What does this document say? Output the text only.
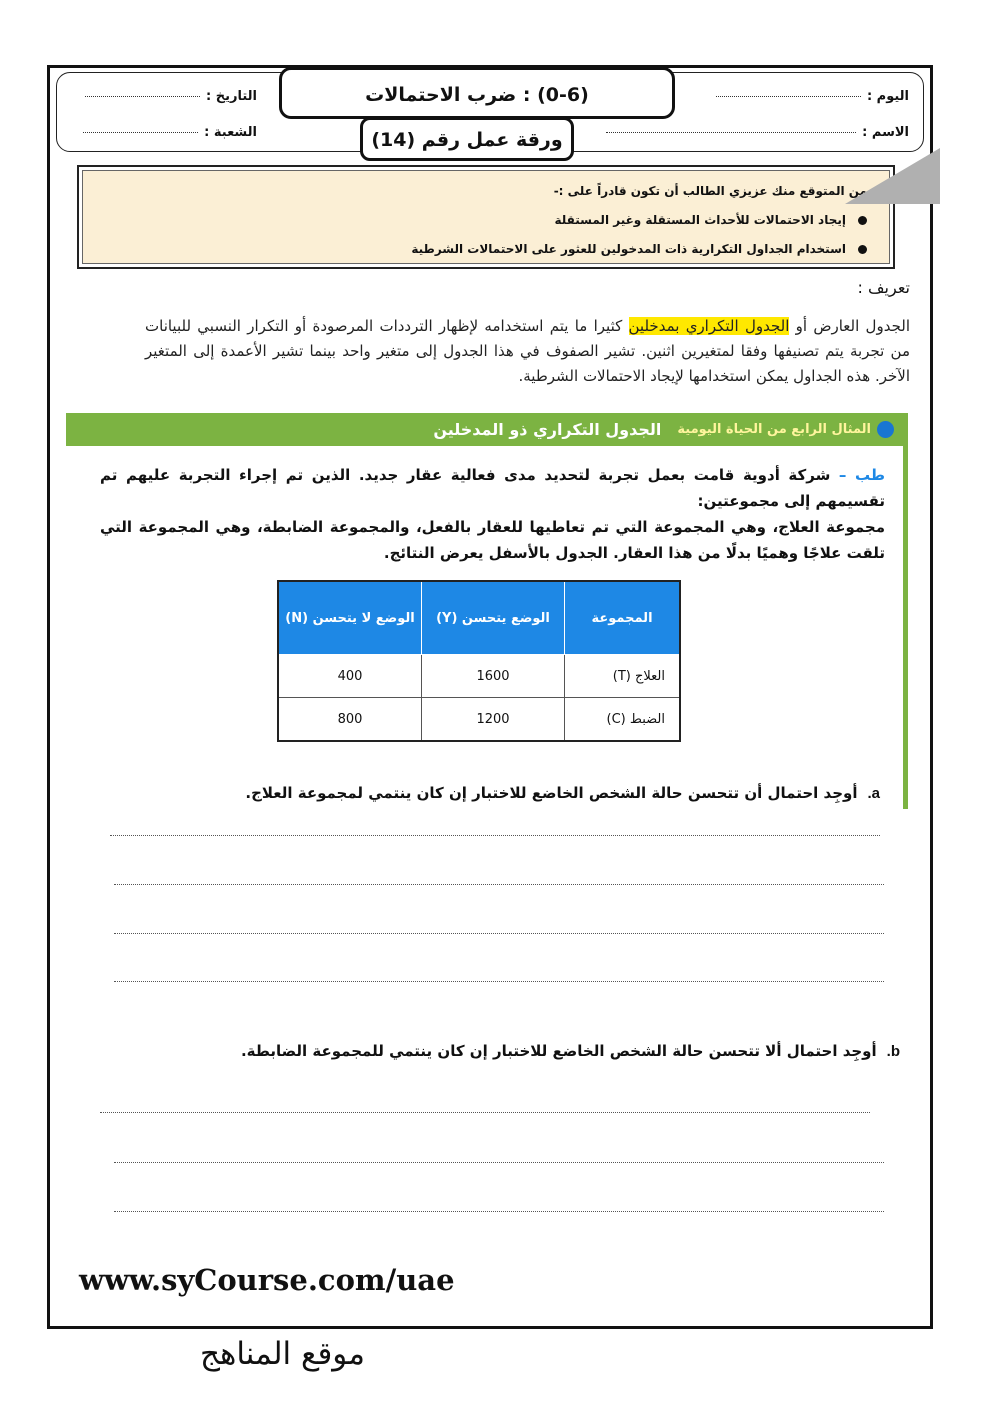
اليوم :
الاسم :
التاريخ :
الشعبة :
(0-6) : ضرب الاحتمالات
ورقة عمل رقم (14)
من المتوقع منك عزيزي الطالب أن تكون قادراً على :-
إيجاد الاحتمالات للأحداث المستقلة وغير المستقلة
استخدام الجداول التكرارية ذات المدخولين للعثور على الاحتمالات الشرطية
تعريف :
الجدول العارض أو الجدول التكراري بمدخلين كثيرا ما يتم استخدامه لإظهار الترددات المرصودة أو التكرار النسبي للبيانات من تجربة يتم تصنيفها وفقا لمتغيرين اثنين. تشير الصفوف في هذا الجدول إلى متغير واحد بينما تشير الأعمدة إلى المتغير الآخر. هذه الجداول يمكن استخدامها لإيجاد الاحتمالات الشرطية.
المثال الرابع من الحياة اليوميةالجدول التكراري ذو المدخلين
طب – شركة أدوية قامت بعمل تجربة لتحديد مدى فعالية عقار جديد. الذين تم إجراء التجربة عليهم تم تقسيمهم إلى مجموعتين:
مجموعة العلاج، وهي المجموعة التي تم تعاطيها للعقار بالفعل، والمجموعة الضابطة، وهي المجموعة التي تلقت علاجًا وهميًا بدلًا من هذا العقار. الجدول بالأسفل يعرض النتائج.
المجموعة	الوضع يتحسن (Y)	الوضع لا يتحسن (N)
العلاج (T)	1600	400
الضبط (C)	1200	800
a.أوجِد احتمال أن تتحسن حالة الشخص الخاضع للاختبار إن كان ينتمي لمجموعة العلاج.
b.أوجِد احتمال ألا تتحسن حالة الشخص الخاضع للاختبار إن كان ينتمي للمجموعة الضابطة.
www.syCourse.com/uae
موقع المناهج
